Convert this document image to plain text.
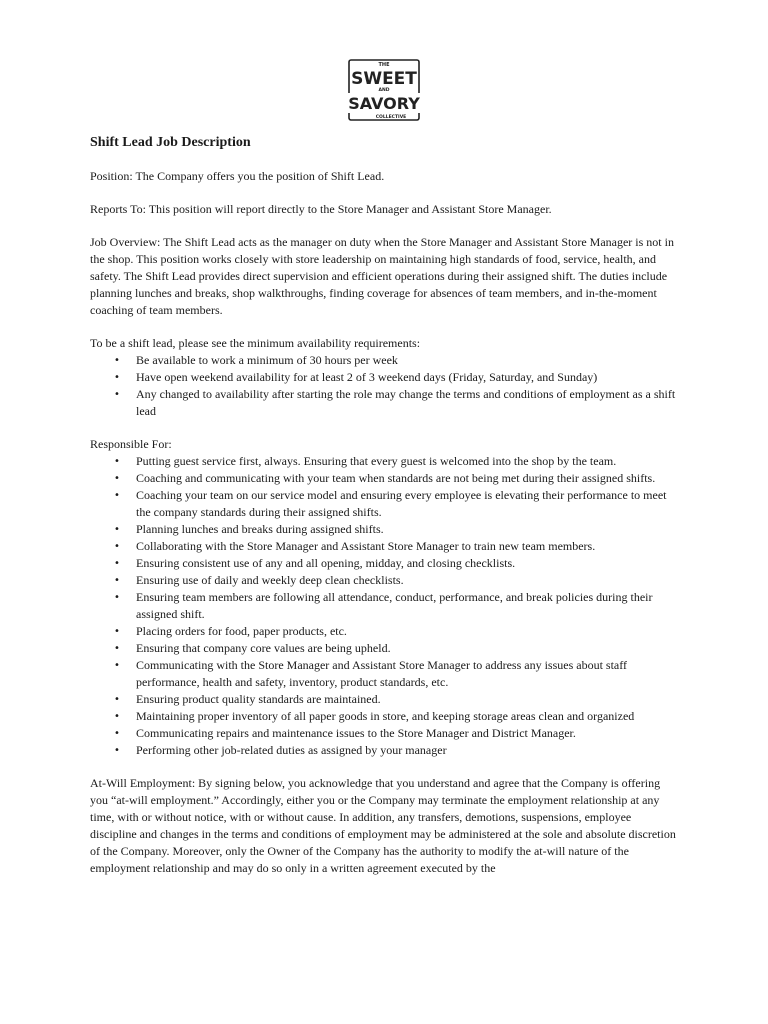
THE
SWEET
AND
SAVORY
COLLECTIVE
Shift Lead Job Description

Position: The Company offers you the position of Shift Lead.

Reports To: This position will report directly to the Store Manager and Assistant Store Manager.

Job Overview: The Shift Lead acts as the manager on duty when the Store Manager and Assistant Store Manager is not in the shop. This position works closely with store leadership on maintaining high standards of food, service, health, and safety. The Shift Lead provides direct supervision and efficient operations during their assigned shift. The duties include planning lunches and breaks, shop walkthroughs, finding coverage for absences of team members, and in-the-moment coaching of team members.

To be a shift lead, please see the minimum availability requirements:

• Be available to work a minimum of 30 hours per week
• Have open weekend availability for at least 2 of 3 weekend days (Friday, Saturday, and Sunday)
• Any changed to availability after starting the role may change the terms and conditions of employment as a shift lead

Responsible For:

• Putting guest service first, always. Ensuring that every guest is welcomed into the shop by the team.
• Coaching and communicating with your team when standards are not being met during their assigned shifts.
• Coaching your team on our service model and ensuring every employee is elevating their performance to meet the company standards during their assigned shifts.
• Planning lunches and breaks during assigned shifts.
• Collaborating with the Store Manager and Assistant Store Manager to train new team members.
• Ensuring consistent use of any and all opening, midday, and closing checklists.
• Ensuring use of daily and weekly deep clean checklists.
• Ensuring team members are following all attendance, conduct, performance, and break policies during their assigned shift.
• Placing orders for food, paper products, etc.
• Ensuring that company core values are being upheld.
• Communicating with the Store Manager and Assistant Store Manager to address any issues about staff performance, health and safety, inventory, product standards, etc.
• Ensuring product quality standards are maintained.
• Maintaining proper inventory of all paper goods in store, and keeping storage areas clean and organized
• Communicating repairs and maintenance issues to the Store Manager and District Manager.
• Performing other job-related duties as assigned by your manager

At-Will Employment: By signing below, you acknowledge that you understand and agree that the Company is offering you “at-will employment.” Accordingly, either you or the Company may terminate the employment relationship at any time, with or without notice, with or without cause. In addition, any transfers, demotions, suspensions, employee discipline and changes in the terms and conditions of employment may be administered at the sole and absolute discretion of the Company. Moreover, only the Owner of the Company has the authority to modify the at-will nature of the employment relationship and may do so only in a written agreement executed by the
